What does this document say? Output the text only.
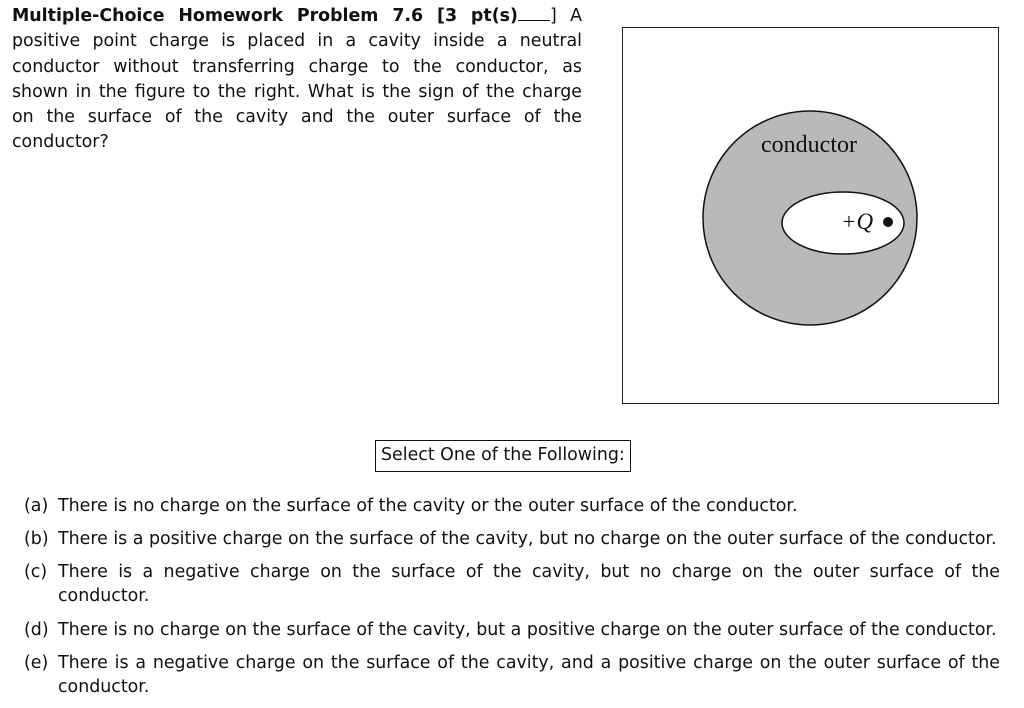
Multiple-Choice Homework Problem 7.6 [3 pt(s) ] A positive point charge is placed in a cavity inside a neutral conductor without transferring charge to the conductor, as shown in the figure to the right. What is the sign of the charge on the surface of the cavity and the outer surface of the conductor?	conductor
+Q
Select One of the Following:
(a) There is no charge on the surface of the cavity or the outer surface of the conductor.
(b) There is a positive charge on the surface of the cavity, but no charge on the outer surface of the conductor.
(c) There is a negative charge on the surface of the cavity, but no charge on the outer surface of the conductor.
(d) There is no charge on the surface of the cavity, but a positive charge on the outer surface of the conductor.
(e) There is a negative charge on the surface of the cavity, and a positive charge on the outer surface of the conductor.
